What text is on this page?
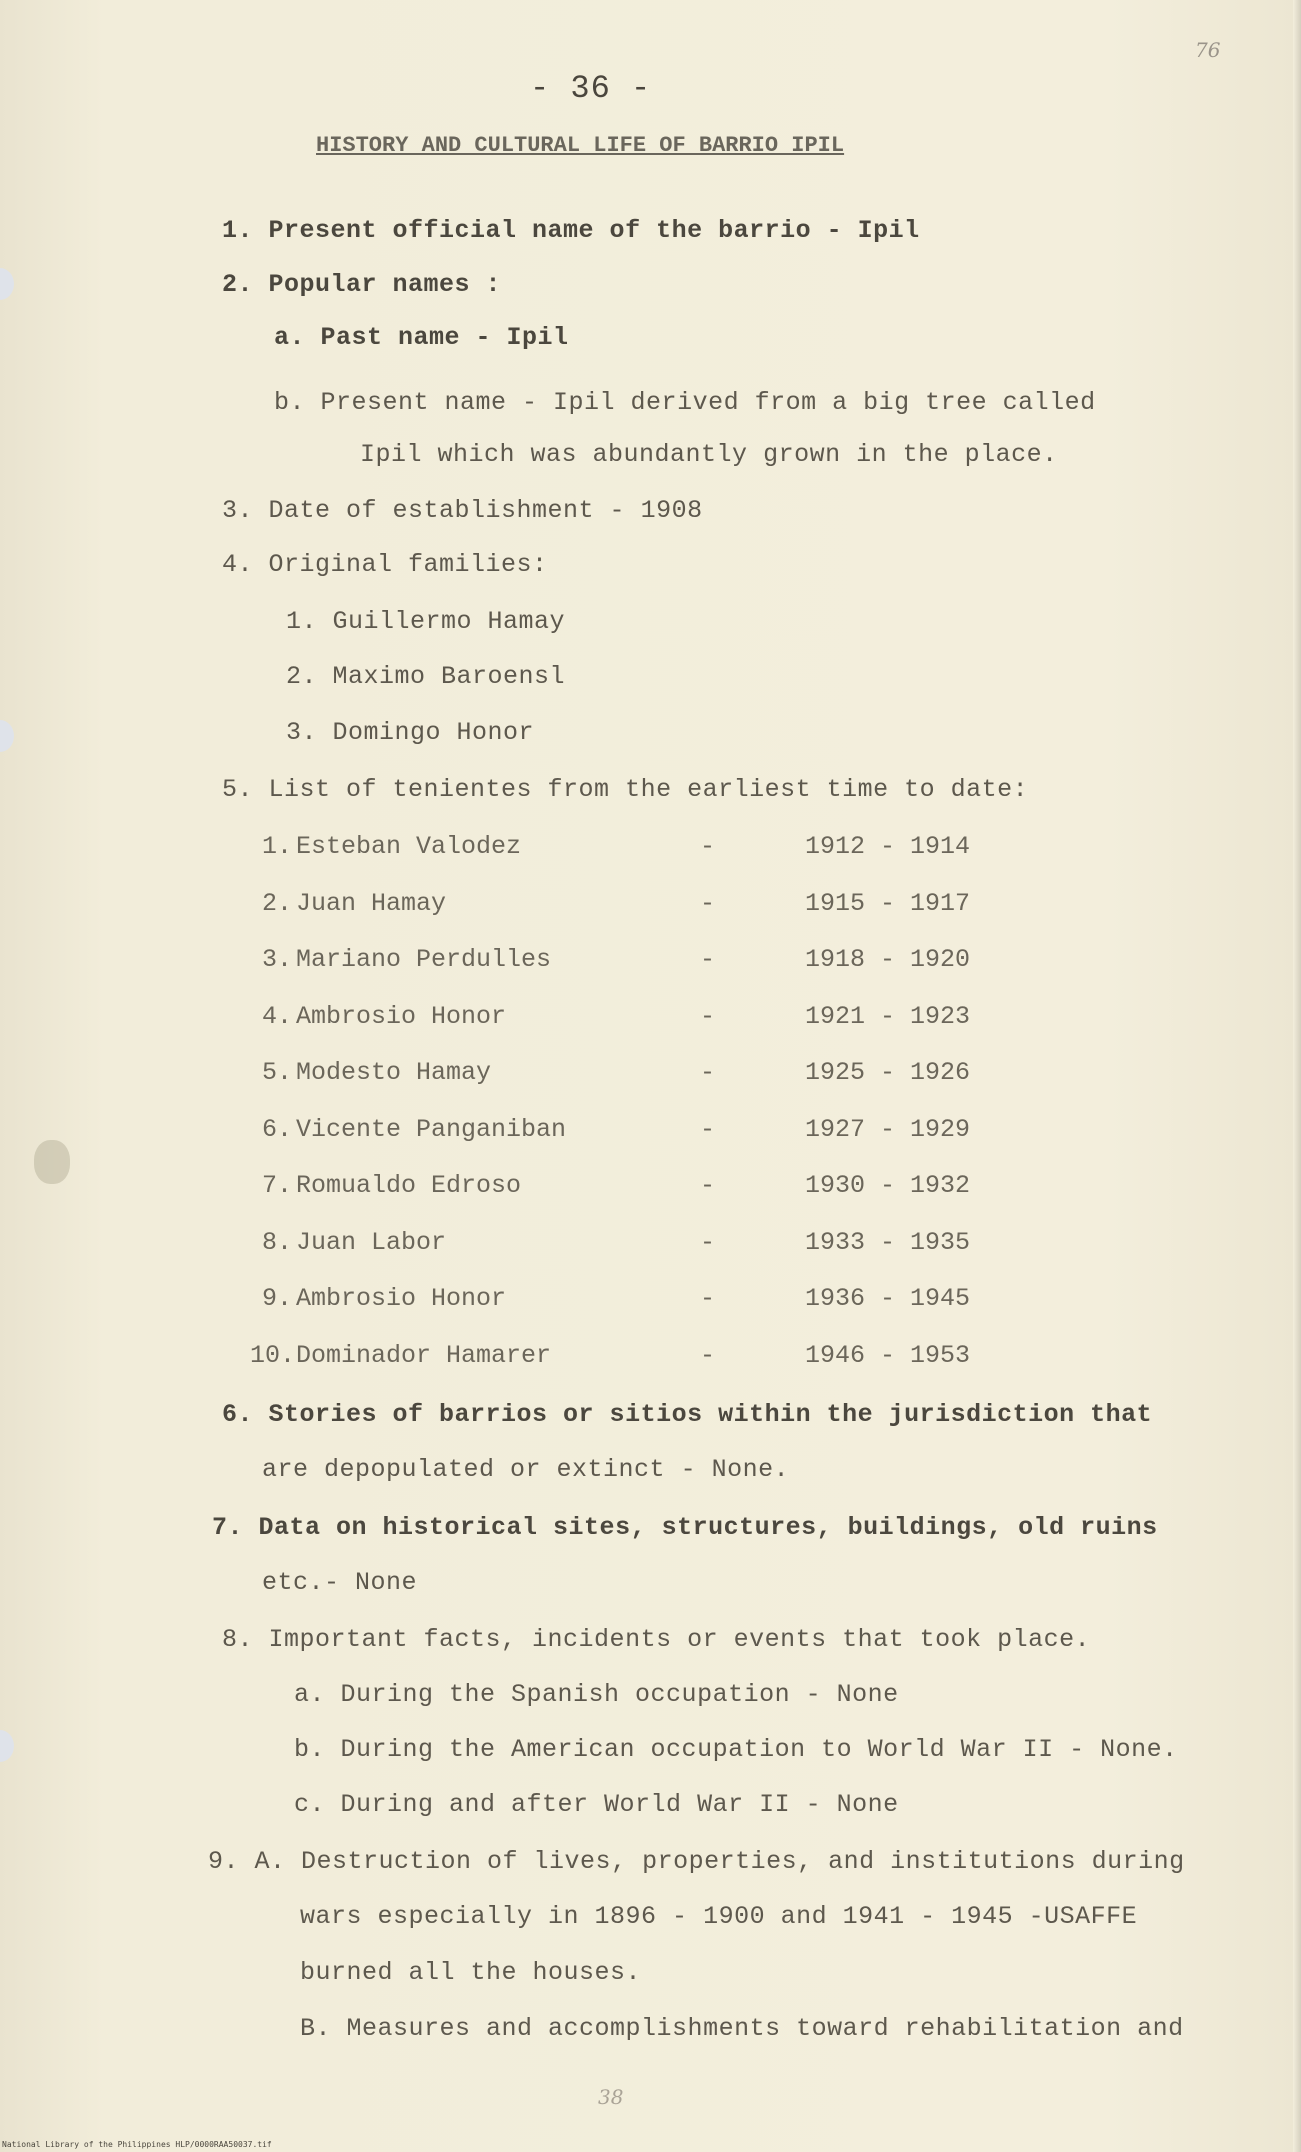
76
- 36 -
HISTORY AND CULTURAL LIFE OF BARRIO IPIL
1. Present official name of the barrio - Ipil
2. Popular names :
a. Past name - Ipil
b. Present name - Ipil derived from a big tree called
Ipil which was abundantly grown in the place.
3. Date of establishment - 1908
4. Original families:
1. Guillermo Hamay
2. Maximo Baroensl
3. Domingo Honor
5. List of tenientes from the earliest time to date:
1. Esteban Valodez	-	1912 - 1914
2. Juan Hamay	-	1915 - 1917
3. Mariano Perdulles	-	1918 - 1920
4. Ambrosio Honor	-	1921 - 1923
5. Modesto Hamay	-	1925 - 1926
6. Vicente Panganiban	-	1927 - 1929
7. Romualdo Edroso	-	1930 - 1932
8. Juan Labor	-	1933 - 1935
9. Ambrosio Honor	-	1936 - 1945
10. Dominador Hamarer	-	1946 - 1953
6. Stories of barrios or sitios within the jurisdiction that
are depopulated or extinct - None.
7. Data on historical sites, structures, buildings, old ruins
etc.- None
8. Important facts, incidents or events that took place.
a. During the Spanish occupation - None
b. During the American occupation to World War II - None.
c. During and after World War II - None
9. A. Destruction of lives, properties, and institutions during
wars especially in 1896 - 1900 and 1941 - 1945 -USAFFE
burned all the houses.
B. Measures and accomplishments toward rehabilitation and
38
National Library of the Philippines HLP/0000RAA50037.tif
